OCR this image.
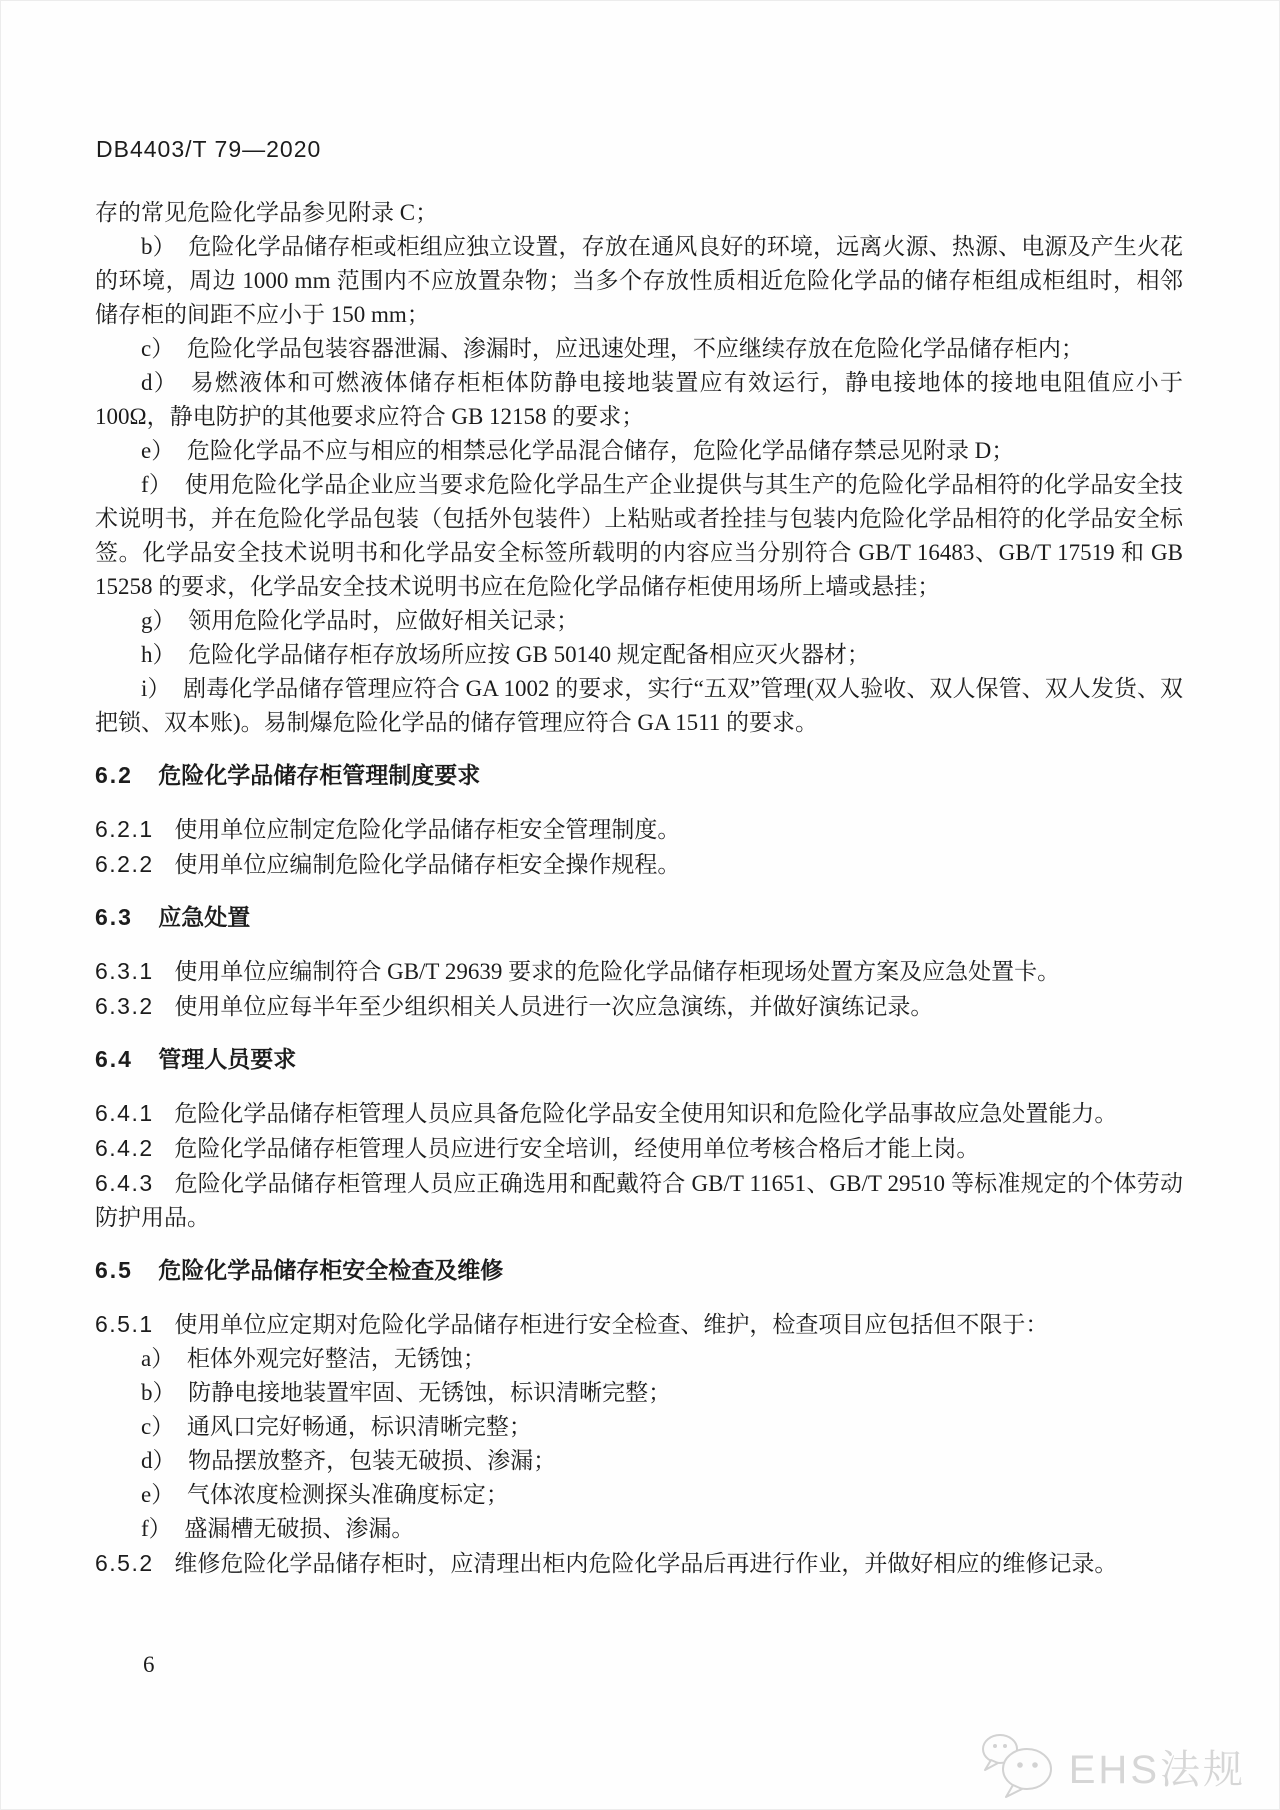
DB4403/T 79—2020

存的常见危险化学品参见附录 C；

b） 危险化学品储存柜或柜组应独立设置，存放在通风良好的环境，远离火源、热源、电源及产生火花的环境，周边 1000 mm 范围内不应放置杂物；当多个存放性质相近危险化学品的储存柜组成柜组时，相邻储存柜的间距不应小于 150 mm；

c） 危险化学品包装容器泄漏、渗漏时，应迅速处理，不应继续存放在危险化学品储存柜内；

d） 易燃液体和可燃液体储存柜柜体防静电接地装置应有效运行，静电接地体的接地电阻值应小于 100Ω，静电防护的其他要求应符合 GB 12158 的要求；

e） 危险化学品不应与相应的相禁忌化学品混合储存，危险化学品储存禁忌见附录 D；

f） 使用危险化学品企业应当要求危险化学品生产企业提供与其生产的危险化学品相符的化学品安全技术说明书，并在危险化学品包装（包括外包装件）上粘贴或者拴挂与包装内危险化学品相符的化学品安全标签。化学品安全技术说明书和化学品安全标签所载明的内容应当分别符合 GB/T 16483、GB/T 17519 和 GB 15258 的要求，化学品安全技术说明书应在危险化学品储存柜使用场所上墙或悬挂；

g） 领用危险化学品时，应做好相关记录；

h） 危险化学品储存柜存放场所应按 GB 50140 规定配备相应灭火器材；

i） 剧毒化学品储存管理应符合 GA 1002 的要求，实行“五双”管理(双人验收、双人保管、双人发货、双把锁、双本账)。易制爆危险化学品的储存管理应符合 GA 1511 的要求。

6.2 危险化学品储存柜管理制度要求

6.2.1 使用单位应制定危险化学品储存柜安全管理制度。

6.2.2 使用单位应编制危险化学品储存柜安全操作规程。

6.3 应急处置

6.3.1 使用单位应编制符合 GB/T 29639 要求的危险化学品储存柜现场处置方案及应急处置卡。

6.3.2 使用单位应每半年至少组织相关人员进行一次应急演练，并做好演练记录。

6.4 管理人员要求

6.4.1 危险化学品储存柜管理人员应具备危险化学品安全使用知识和危险化学品事故应急处置能力。

6.4.2 危险化学品储存柜管理人员应进行安全培训，经使用单位考核合格后才能上岗。

6.4.3 危险化学品储存柜管理人员应正确选用和配戴符合 GB/T 11651、GB/T 29510 等标准规定的个体劳动防护用品。

6.5 危险化学品储存柜安全检查及维修

6.5.1 使用单位应定期对危险化学品储存柜进行安全检查、维护，检查项目应包括但不限于：

a） 柜体外观完好整洁，无锈蚀；

b） 防静电接地装置牢固、无锈蚀，标识清晰完整；

c） 通风口完好畅通，标识清晰完整；

d） 物品摆放整齐，包装无破损、渗漏；

e） 气体浓度检测探头准确度标定；

f） 盛漏槽无破损、渗漏。

6.5.2 维修危险化学品储存柜时，应清理出柜内危险化学品后再进行作业，并做好相应的维修记录。

6
EHS法规
